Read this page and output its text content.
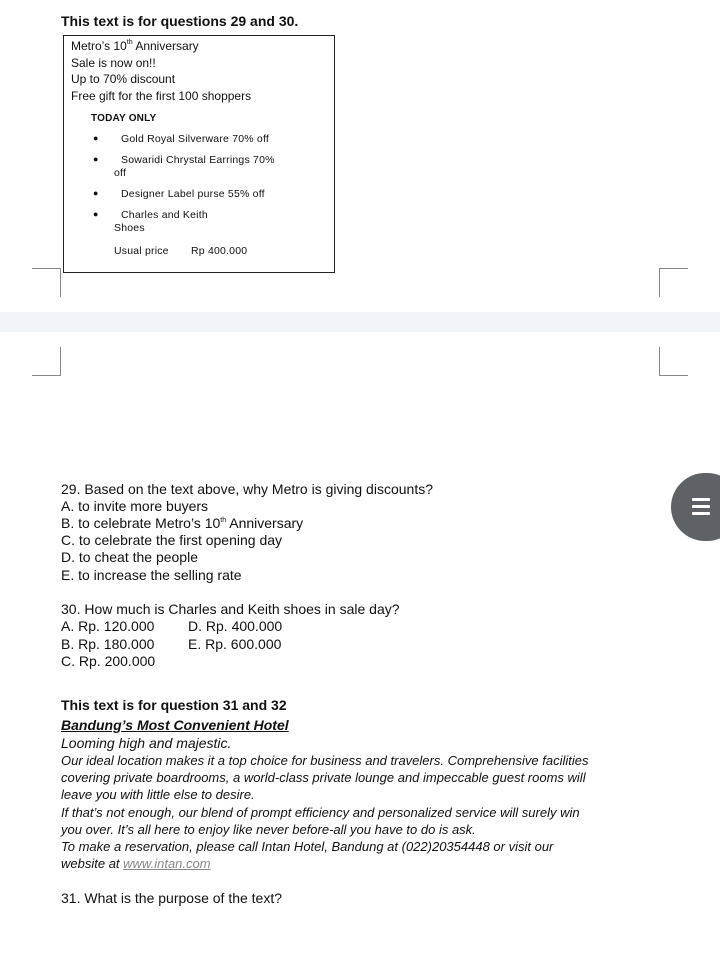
This text is for questions 29 and 30.
Metro’s 10th Anniversary
Sale is now on!!
Up to 70% discount
Free gift for the first 100 shoppers
TODAY ONLY
● Gold Royal Silverware 70% off
● Sowaridi Chrystal Earrings 70%
off
● Designer Label purse 55% off
● Charles and Keith
Shoes
Usual price Rp 400.000
29. Based on the text above, why Metro is giving discounts?
A. to invite more buyers
B. to celebrate Metro’s 10th Anniversary
C. to celebrate the first opening day
D. to cheat the people
E. to increase the selling rate
30. How much is Charles and Keith shoes in sale day?
A. Rp. 120.000 D. Rp. 400.000
B. Rp. 180.000 E. Rp. 600.000
C. Rp. 200.000
This text is for question 31 and 32
Bandung’s Most Convenient Hotel
Looming high and majestic.
Our ideal location makes it a top choice for business and travelers. Comprehensive facilities
covering private boardrooms, a world-class private lounge and impeccable guest rooms will
leave you with little else to desire.
If that’s not enough, our blend of prompt efficiency and personalized service will surely win
you over. It’s all here to enjoy like never before-all you have to do is ask.
To make a reservation, please call Intan Hotel, Bandung at (022)20354448 or visit our
website at www.intan.com
31. What is the purpose of the text?
